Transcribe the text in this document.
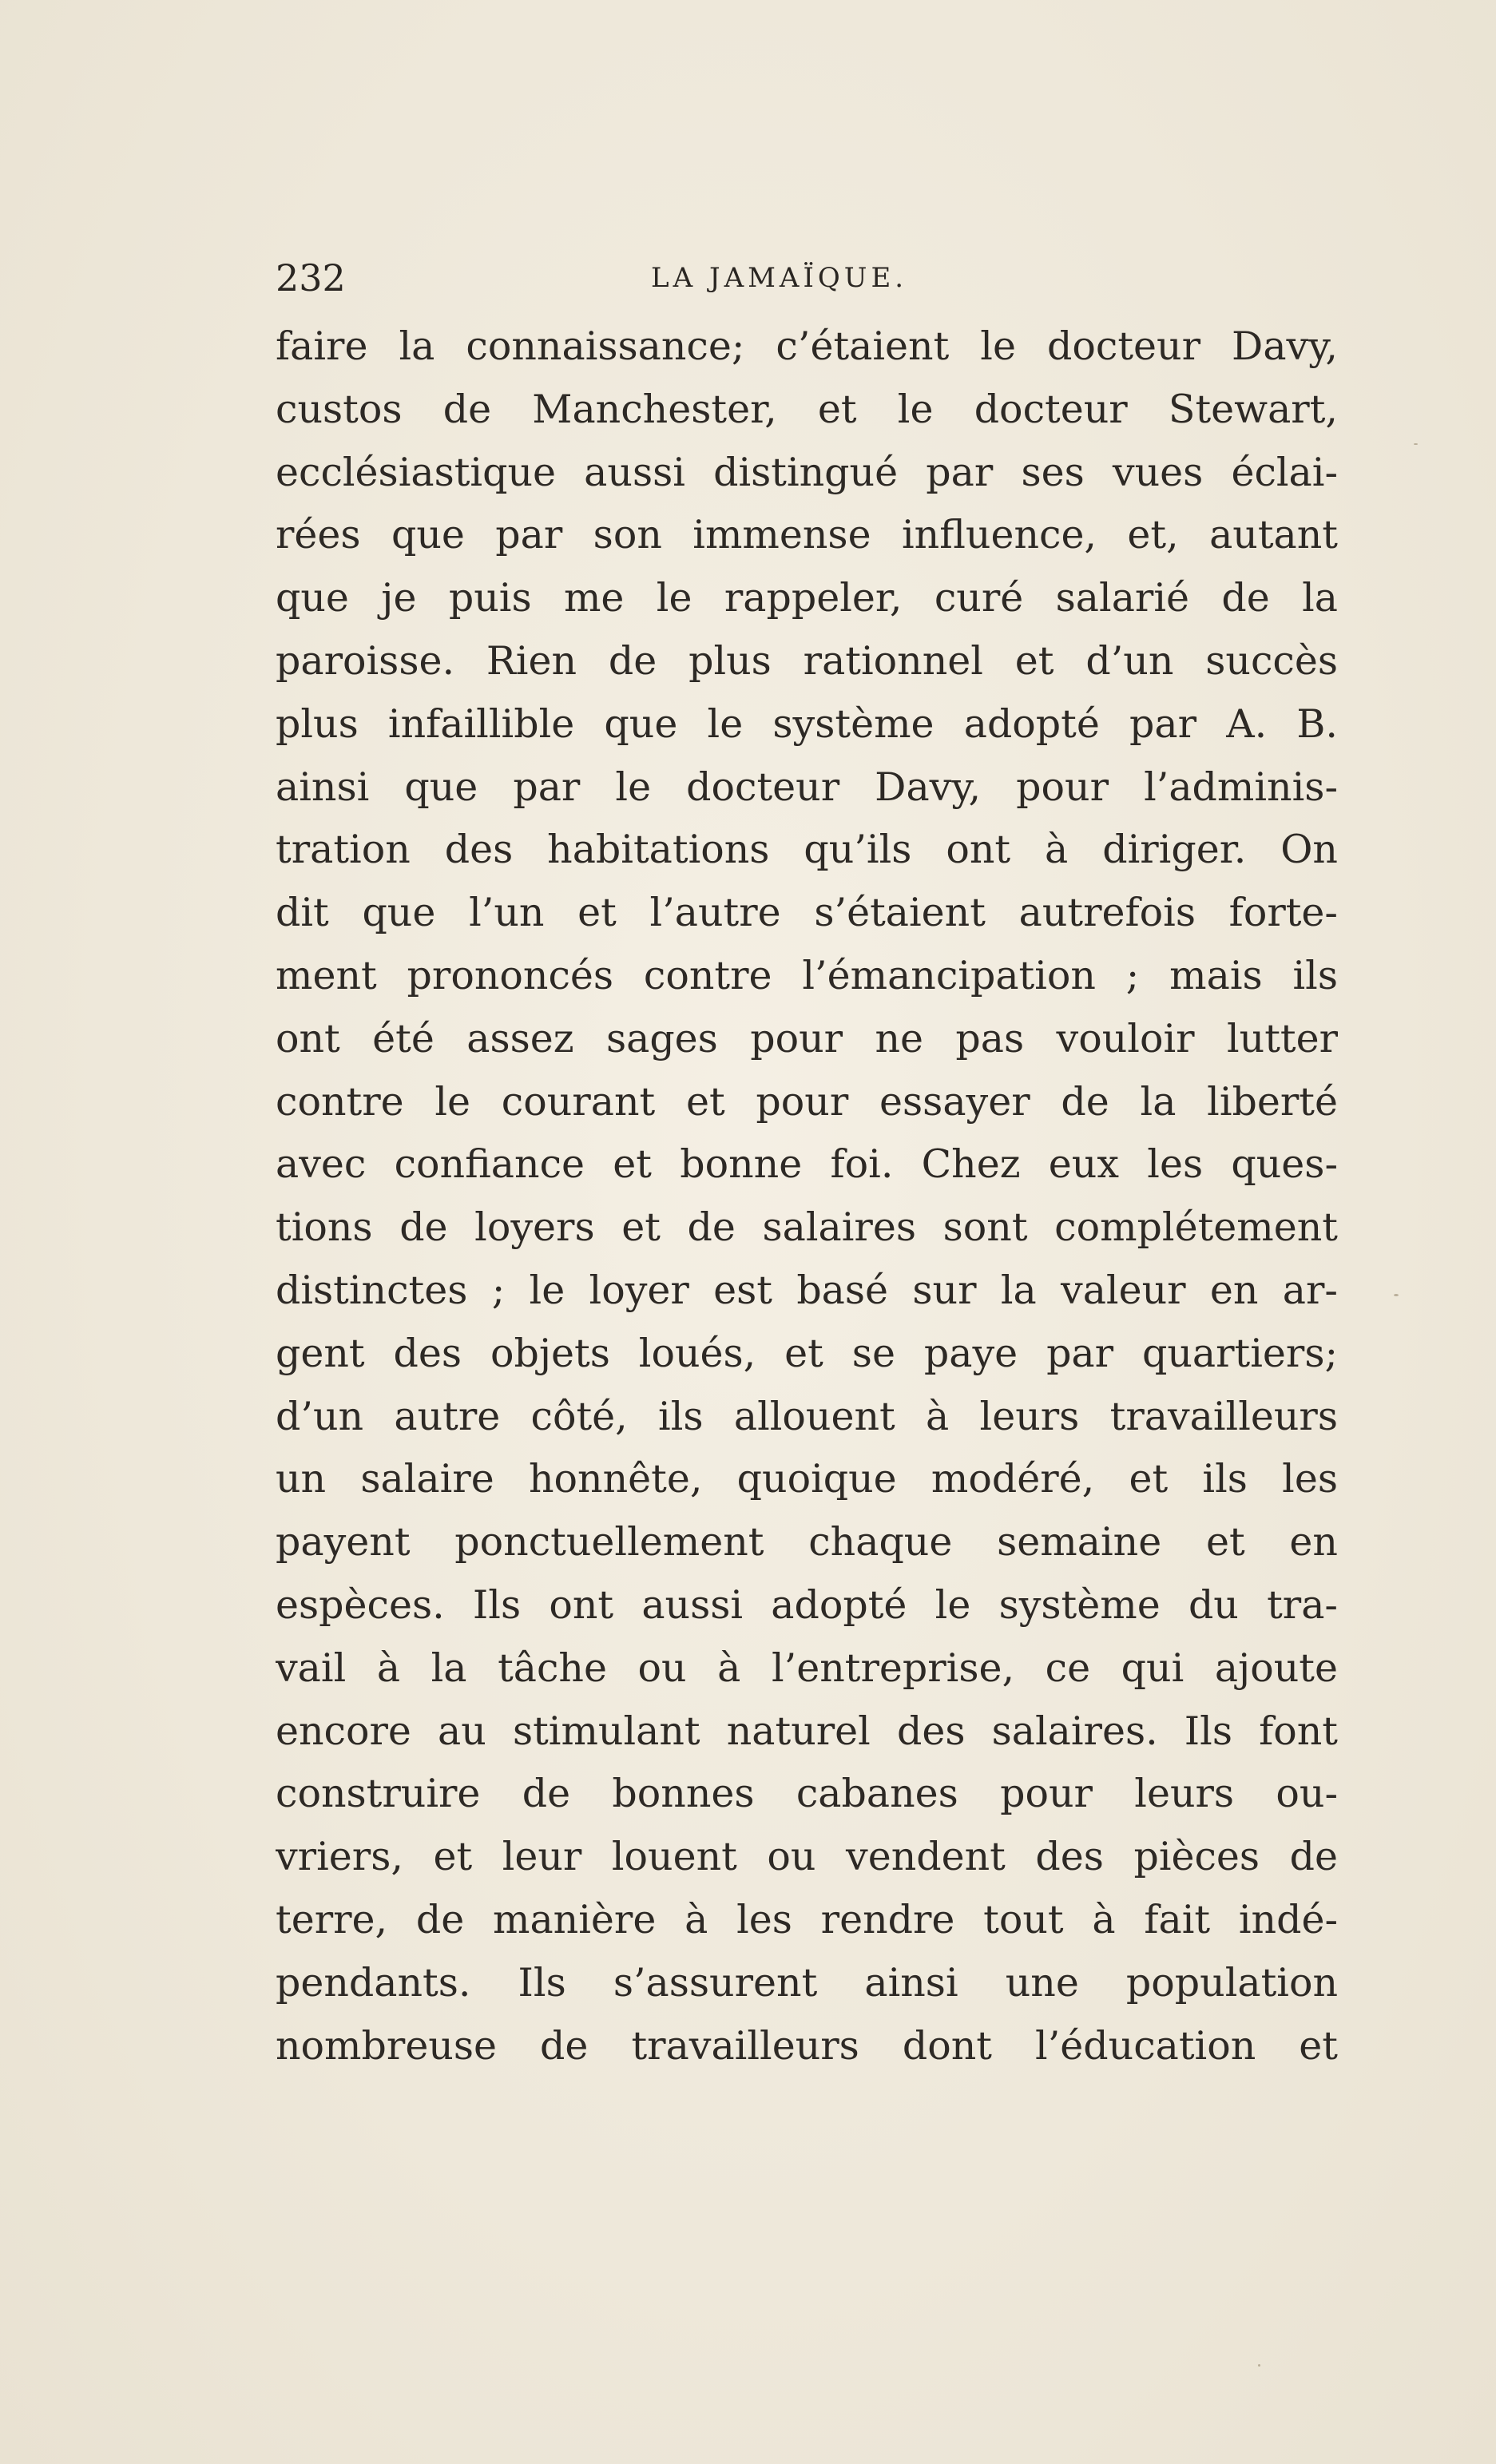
232	LA JAMAÏQUE.
faire la connaissance; c’étaient le docteur Davy,
custos de Manchester, et le docteur Stewart,
ecclésiastique aussi distingué par ses vues éclai-
rées que par son immense influence, et, autant
que je puis me le rappeler, curé salarié de la
paroisse. Rien de plus rationnel et d’un succès
plus infaillible que le système adopté par A. B.
ainsi que par le docteur Davy, pour l’adminis-
tration des habitations qu’ils ont à diriger. On
dit que l’un et l’autre s’étaient autrefois forte-
ment prononcés contre l’émancipation ; mais ils
ont été assez sages pour ne pas vouloir lutter
contre le courant et pour essayer de la liberté
avec confiance et bonne foi. Chez eux les ques-
tions de loyers et de salaires sont complétement
distinctes ; le loyer est basé sur la valeur en ar-
gent des objets loués, et se paye par quartiers;
d’un autre côté, ils allouent à leurs travailleurs
un salaire honnête, quoique modéré, et ils les
payent ponctuellement chaque semaine et en
espèces. Ils ont aussi adopté le système du tra-
vail à la tâche ou à l’entreprise, ce qui ajoute
encore au stimulant naturel des salaires. Ils font
construire de bonnes cabanes pour leurs ou-
vriers, et leur louent ou vendent des pièces de
terre, de manière à les rendre tout à fait indé-
pendants. Ils s’assurent ainsi une population
nombreuse de travailleurs dont l’éducation et
